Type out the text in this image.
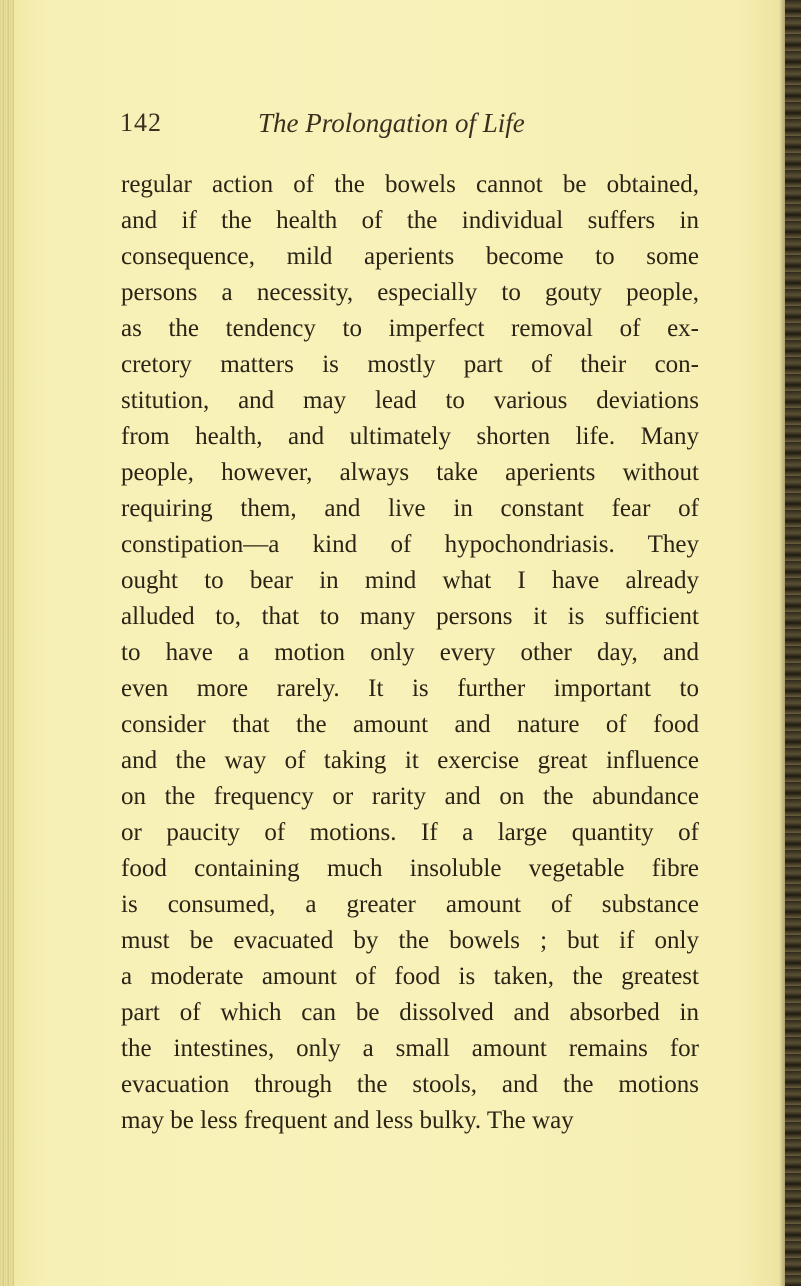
142	The Prolongation of Life
regular action of the bowels cannot be obtained,
and if the health of the individual suffers in
consequence, mild aperients become to some
persons a necessity, especially to gouty people,
as the tendency to imperfect removal of ex-
cretory matters is mostly part of their con-
stitution, and may lead to various deviations
from health, and ultimately shorten life. Many
people, however, always take aperients without
requiring them, and live in constant fear of
constipation—a kind of hypochondriasis. They
ought to bear in mind what I have already
alluded to, that to many persons it is sufficient
to have a motion only every other day, and
even more rarely. It is further important to
consider that the amount and nature of food
and the way of taking it exercise great influence
on the frequency or rarity and on the abundance
or paucity of motions. If a large quantity of
food containing much insoluble vegetable fibre
is consumed, a greater amount of substance
must be evacuated by the bowels ; but if only
a moderate amount of food is taken, the greatest
part of which can be dissolved and absorbed in
the intestines, only a small amount remains for
evacuation through the stools, and the motions
may be less frequent and less bulky. The way
